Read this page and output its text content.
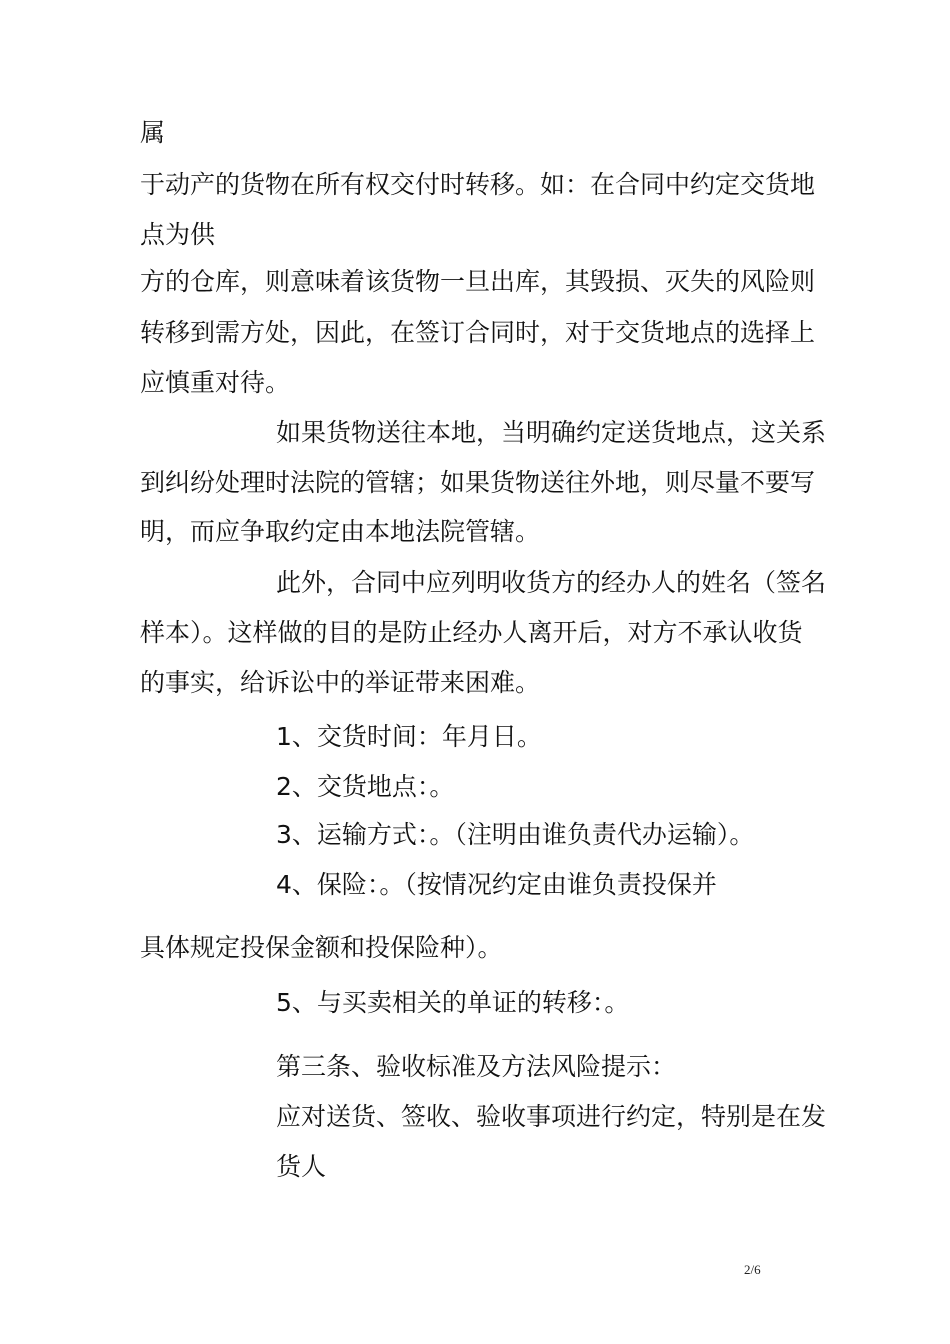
属
于动产的货物在所有权交付时转移。如：在合同中约定交货地
点为供
方的仓库，则意味着该货物一旦出库，其毁损、灭失的风险则
转移到需方处，因此，在签订合同时，对于交货地点的选择上
应慎重对待。
如果货物送往本地，当明确约定送货地点，这关系
到纠纷处理时法院的管辖；如果货物送往外地，则尽量不要写
明，而应争取约定由本地法院管辖。
此外，合同中应列明收货方的经办人的姓名（签名
样本）。这样做的目的是防止经办人离开后，对方不承认收货
的事实，给诉讼中的举证带来困难。
1、交货时间：年月日。
2、交货地点：。
3、运输方式：。（注明由谁负责代办运输）。
4、保险：。（按情况约定由谁负责投保并
具体规定投保金额和投保险种）。
5、与买卖相关的单证的转移：。
第三条、验收标准及方法风险提示：
应对送货、签收、验收事项进行约定，特别是在发
货人
2/6
